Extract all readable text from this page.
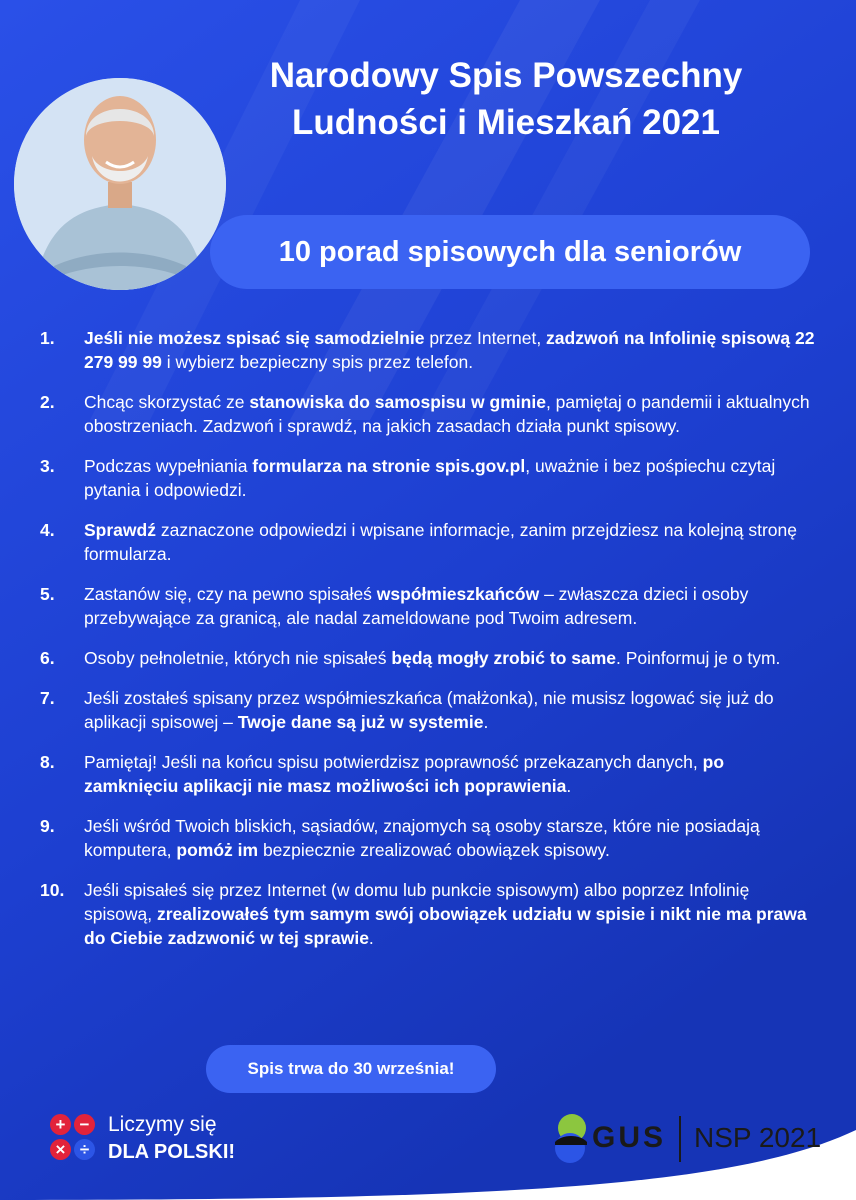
Narodowy Spis Powszechny
Ludności i Mieszkań 2021
10 porad spisowych dla seniorów
1.	Jeśli nie możesz spisać się samodzielnie przez Internet, zadzwoń na Infolinię spisową 22 279 99 99 i wybierz bezpieczny spis przez telefon.
2.	Chcąc skorzystać ze stanowiska do samospisu w gminie, pamiętaj o pandemii i aktualnych obostrzeniach. Zadzwoń i sprawdź, na jakich zasadach działa punkt spisowy.
3.	Podczas wypełniania formularza na stronie spis.gov.pl, uważnie i bez pośpiechu czytaj pytania i odpowiedzi.
4.	Sprawdź zaznaczone odpowiedzi i wpisane informacje, zanim przejdziesz na kolejną stronę formularza.
5.	Zastanów się, czy na pewno spisałeś współmieszkańców – zwłaszcza dzieci i osoby przebywające za granicą, ale nadal zameldowane pod Twoim adresem.
6.	Osoby pełnoletnie, których nie spisałeś będą mogły zrobić to same. Poinformuj je o tym.
7.	Jeśli zostałeś spisany przez współmieszkańca (małżonka), nie musisz logować się już do aplikacji spisowej – Twoje dane są już w systemie.
8.	Pamiętaj! Jeśli na końcu spisu potwierdzisz poprawność przekazanych danych, po zamknięciu aplikacji nie masz możliwości ich poprawienia.
9.	Jeśli wśród Twoich bliskich, sąsiadów, znajomych są osoby starsze, które nie posiadają komputera, pomóż im bezpiecznie zrealizować obowiązek spisowy.
10.	Jeśli spisałeś się przez Internet (w domu lub punkcie spisowym) albo poprzez Infolinię spisową, zrealizowałeś tym samym swój obowiązek udziału w spisie i nikt nie ma prawa do Ciebie zadzwonić w tej sprawie.
Spis trwa do 30 września!
+ −
× ÷
Liczymy się
DLA POLSKI!	GUS NSP 2021
